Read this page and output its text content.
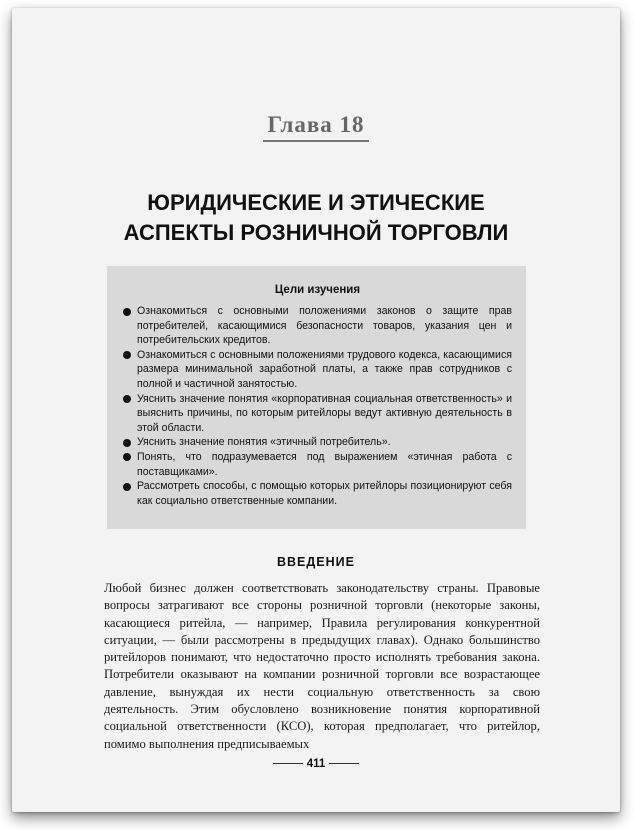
Глава 18
ЮРИДИЧЕСКИЕ И ЭТИЧЕСКИЕ
АСПЕКТЫ РОЗНИЧНОЙ ТОРГОВЛИ
Цели изучения
Ознакомиться с основными положениями законов о защите прав потребителей, касающимися безопасности товаров, указания цен и потребительских кредитов.
Ознакомиться с основными положениями трудового кодекса, касающимися размера минимальной заработной платы, а также прав сотрудников с полной и частичной занятостью.
Уяснить значение понятия «корпоративная социальная ответственность» и выяснить причины, по которым ритейлоры ведут активную деятельность в этой области.
Уяснить значение понятия «этичный потребитель».
Понять, что подразумевается под выражением «этичная работа с поставщиками».
Рассмотреть способы, с помощью которых ритейлоры позиционируют себя как социально ответственные компании.
ВВЕДЕНИЕ
Любой бизнес должен соответствовать законодательству страны. Правовые вопросы затрагивают все стороны розничной торговли (некоторые законы, касающиеся ритейла, — например, Правила регулирования конкурентной ситуации, — были рассмотрены в предыдущих главах). Однако большинство ритейлоров понимают, что недостаточно просто исполнять требования закона. Потребители оказывают на компании розничной торговли все возрастающее давление, вынуждая их нести социальную ответственность за свою деятельность. Этим обусловлено возникновение понятия корпоративной социальной ответственности (КСО), которая предполагает, что ритейлор, помимо выполнения предписываемых
411
